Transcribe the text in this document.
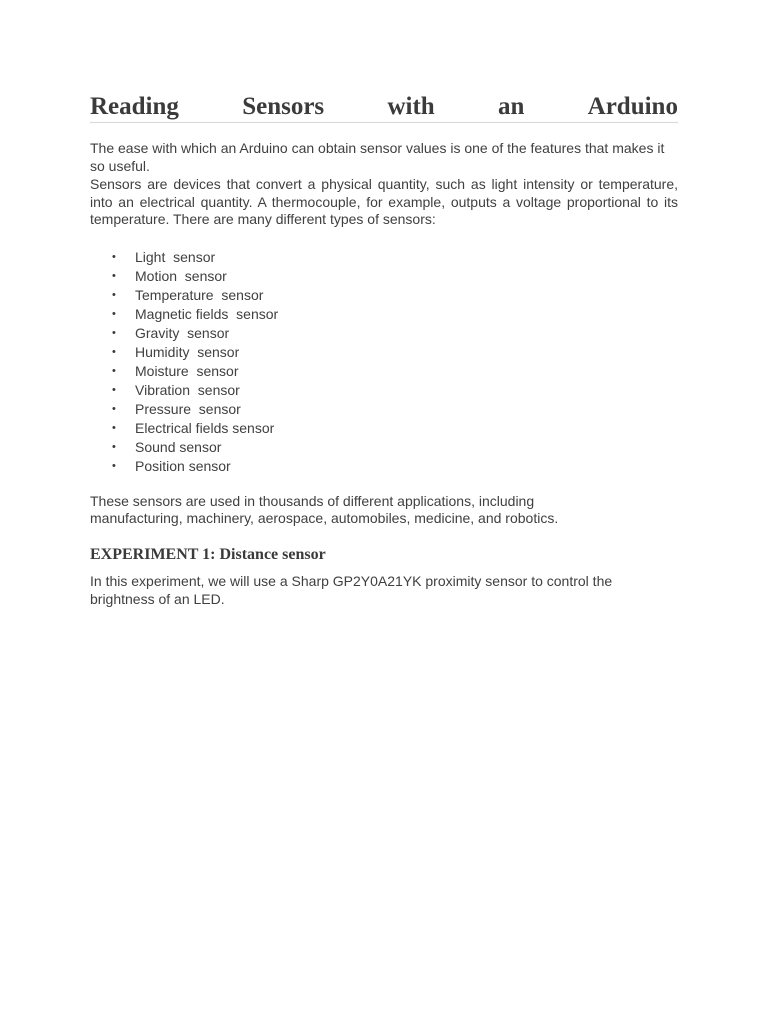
Reading	Sensors	with	an	Arduino

The ease with which an Arduino can obtain sensor values is one of the features that makes it so useful.

Sensors are devices that convert a physical quantity, such as light intensity or temperature, into an electrical quantity. A thermocouple, for example, outputs a voltage proportional to its temperature. There are many different types of sensors:

• Light  sensor
• Motion  sensor
• Temperature  sensor
• Magnetic fields  sensor
• Gravity  sensor
• Humidity  sensor
• Moisture  sensor
• Vibration  sensor
• Pressure  sensor
• Electrical fields sensor
• Sound sensor
• Position sensor

These sensors are used in thousands of different applications, including manufacturing, machinery, aerospace, automobiles, medicine, and robotics.

EXPERIMENT 1: Distance sensor

In this experiment, we will use a Sharp GP2Y0A21YK proximity sensor to control the brightness of an LED.
